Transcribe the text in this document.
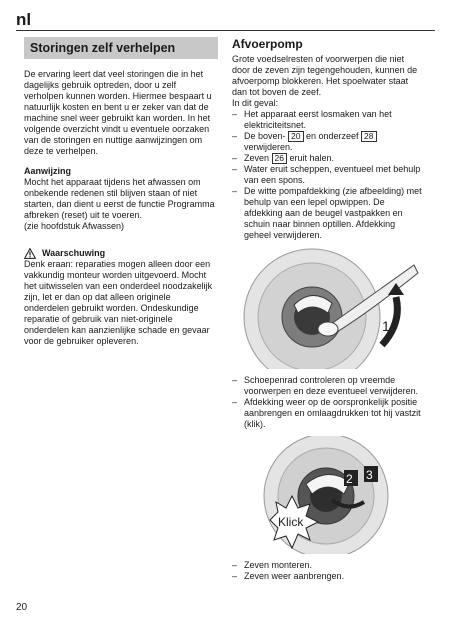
nl
Storingen zelf verhelpen

De ervaring leert dat veel storingen die in het dagelijks gebruik optreden, door u zelf verholpen kunnen worden. Hiermee bespaart u natuurlijk kosten en bent u er zeker van dat de machine snel weer gebruikt kan worden. In het volgende overzicht vindt u eventuele oorzaken van de storingen en nuttige aanwijzingen om deze te verhelpen.

Aanwijzing

Mocht het apparaat tijdens het afwassen om onbekende redenen stil blijven staan of niet starten, dan dient u eerst de functie Programma afbreken (reset) uit te voeren.

(zie hoofdstuk Afwassen)

Waarschuwing

Denk eraan: reparaties mogen alleen door een vakkundig monteur worden uitgevoerd. Mocht het uitwisselen van een onderdeel noodzakelijk zijn, let er dan op dat alleen originele onderdelen gebruikt worden. Ondeskundige reparatie of gebruik van niet-originele onderdelen kan aanzienlijke schade en gevaar voor de gebruiker opleveren.

Afvoerpomp

Grote voedselresten of voorwerpen die niet door de zeven zijn tegengehouden, kunnen de afvoerpomp blokkeren. Het spoelwater staat dan tot boven de zeef.

In dit geval:

– Het apparaat eerst losmaken van het elektriciteitsnet.
– De boven- 20 en onderzeef 28 verwijderen.
– Zeven 26 eruit halen.
– Water eruit scheppen, eventueel met behulp van een spons.
– De witte pompafdekking (zie afbeelding) met behulp van een lepel opwippen. De afdekking aan de beugel vastpakken en schuin naar binnen optillen. Afdekking geheel verwijderen.
1
– Schoepenrad controleren op vreemde voorwerpen en deze eventueel verwijderen.
– Afdekking weer op de oorspronkelijk positie aanbrengen en omlaagdrukken tot hij vastzit (klik).
2 3
Klick
– Zeven monteren.
– Zeven weer aanbrengen.
20
